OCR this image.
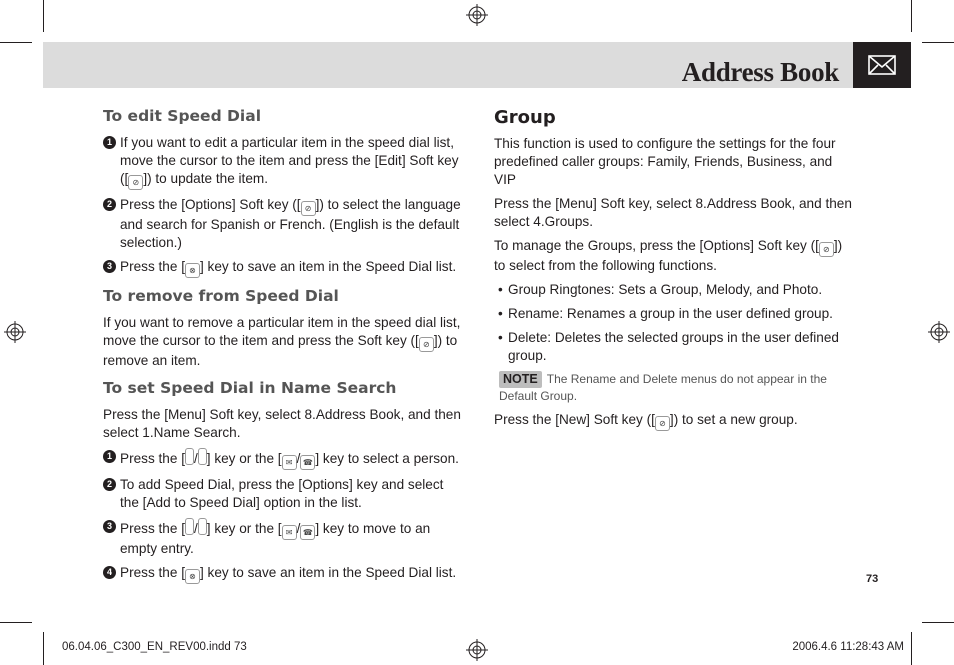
Address Book
To edit Speed Dial
1 If you want to edit a particular item in the speed dial list, move the cursor to the item and press the [Edit] Soft key ([ ⊘ ]) to update the item.
2 Press the [Options] Soft key ([ ⊘ ]) to select the language and search for Spanish or French. (English is the default selection.)
3 Press the [ ⊗ ] key to save an item in the Speed Dial list.
To remove from Speed Dial

If you want to remove a particular item in the speed dial list, move the cursor to the item and press the Soft key ([ ⊘ ]) to remove an item.

To set Speed Dial in Name Search

Press the [Menu] Soft key, select 8.Address Book, and then select 1.Name Search.

1 Press the [ / ] key or the [ ✉ / ☎ ] key to select a person.
2 To add Speed Dial, press the [Options] key and select the [Add to Speed Dial] option in the list.
3 Press the [ / ] key or the [ ✉ / ☎ ] key to move to an empty entry.
4 Press the [ ⊗ ] key to save an item in the Speed Dial list.
Group

This function is used to configure the settings for the four predefined caller groups: Family, Friends, Business, and VIP

Press the [Menu] Soft key, select 8.Address Book, and then select 4.Groups.

To manage the Groups, press the [Options] Soft key ([ ⊘ ]) to select from the following functions.

• Group Ringtones: Sets a Group, Melody, and Photo.
• Rename: Renames a group in the user defined group.
• Delete: Deletes the selected groups in the user defined group.
NOTE The Rename and Delete menus do not appear in the Default Group.

Press the [New] Soft key ([ ⊘ ]) to set a new group.

73
06.04.06_C300_EN_REV00.indd 73	2006.4.6 11:28:43 AM
